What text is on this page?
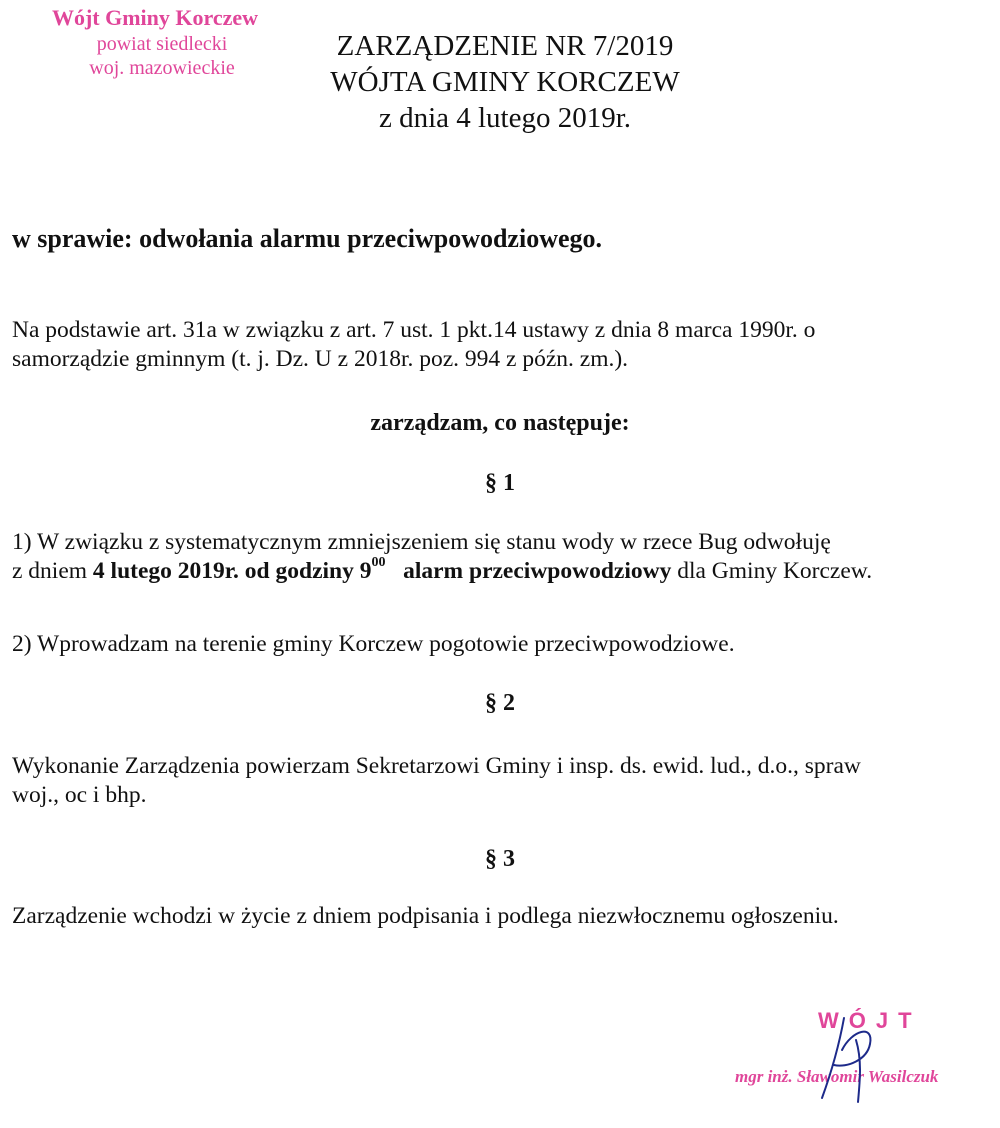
Wójt Gminy Korczew
powiat siedlecki
woj. mazowieckie
ZARZĄDZENIE NR 7/2019
WÓJTA GMINY KORCZEW
z dnia 4 lutego 2019r.
w sprawie: odwołania alarmu przeciwpowodziowego.
Na podstawie art. 31a w związku z art. 7 ust. 1 pkt.14 ustawy z dnia 8 marca 1990r. o
samorządzie gminnym (t. j. Dz. U z 2018r. poz. 994 z późn. zm.).
zarządzam, co następuje:
§ 1
1) W związku z systematycznym zmniejszeniem się stanu wody w rzece Bug odwołuję
z dniem 4 lutego 2019r. od godziny $9^{00}$ alarm przeciwpowodziowy dla Gminy Korczew.
2) Wprowadzam na terenie gminy Korczew pogotowie przeciwpowodziowe.
§ 2
Wykonanie Zarządzenia powierzam Sekretarzowi Gminy i insp. ds. ewid. lud., d.o., spraw
woj., oc i bhp.
§ 3
Zarządzenie wchodzi w życie z dniem podpisania i podlega niezwłocznemu ogłoszeniu.
WÓJT
mgr inż. Sławomir Wasilczuk
